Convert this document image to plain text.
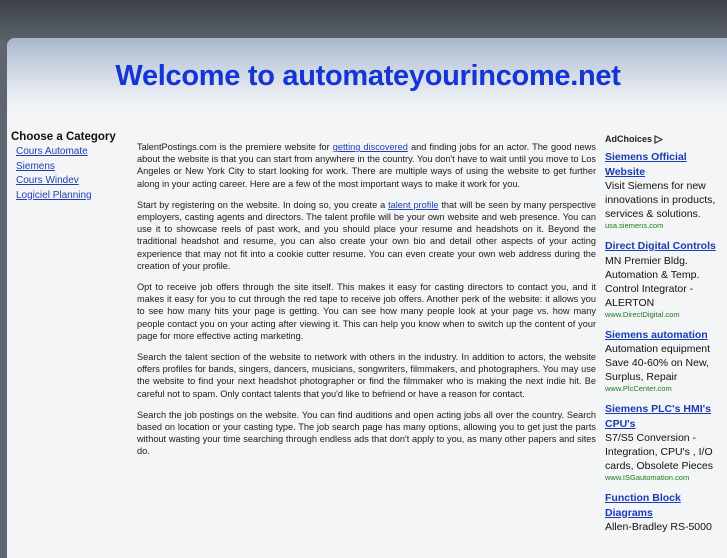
Welcome to automateyourincome.net
Choose a Category
Cours Automate
Siemens
Cours Windev
Logiciel Planning

TalentPostings.com is the premiere website for getting discovered and finding jobs for an actor. The good news about the website is that you can start from anywhere in the country. You don't have to wait until you move to Los Angeles or New York City to start looking for work. There are multiple ways of using the website to get further along in your acting career. Here are a few of the most important ways to make it work for you.

Start by registering on the website. In doing so, you create a talent profile that will be seen by many perspective employers, casting agents and directors. The talent profile will be your own website and web presence. You can use it to showcase reels of past work, and you should place your resume and headshots on it. Beyond the traditional headshot and resume, you can also create your own bio and detail other aspects of your acting experience that may not fit into a cookie cutter resume. You can even create your own web address during the creation of your profile.

Opt to receive job offers through the site itself. This makes it easy for casting directors to contact you, and it makes it easy for you to cut through the red tape to receive job offers. Another perk of the website: it allows you to see how many hits your page is getting. You can see how many people look at your page vs. how many people contact you on your acting after viewing it. This can help you know when to switch up the content of your page for more effective acting marketing.

Search the talent section of the website to network with others in the industry. In addition to actors, the website offers profiles for bands, singers, dancers, musicians, songwriters, filmmakers, and photographers. You may use the website to find your next headshot photographer or find the filmmaker who is making the next indie hit. Be careful not to spam. Only contact talents that you'd like to befriend or have a reason for contact.

Search the job postings on the website. You can find auditions and open acting jobs all over the country. Search based on location or your casting type. The job search page has many options, allowing you to get just the parts without wasting your time searching through endless ads that don't apply to you, as many other papers and sites do.

AdChoices
Siemens Official Website
Visit Siemens for new innovations in products, services & solutions.
usa.siemens.com
Direct Digital Controls
MN Premier Bldg. Automation & Temp. Control Integrator - ALERTON
www.DirectDigital.com
Siemens automation
Automation equipment Save 40-60% on New, Surplus, Repair
www.PlcCenter.com
Siemens PLC's HMI's CPU's
S7/S5 Conversion - Integration, CPU's , I/O cards, Obsolete Pieces
www.ISGautomation.com
Function Block Diagrams
Allen-Bradley RS-5000
